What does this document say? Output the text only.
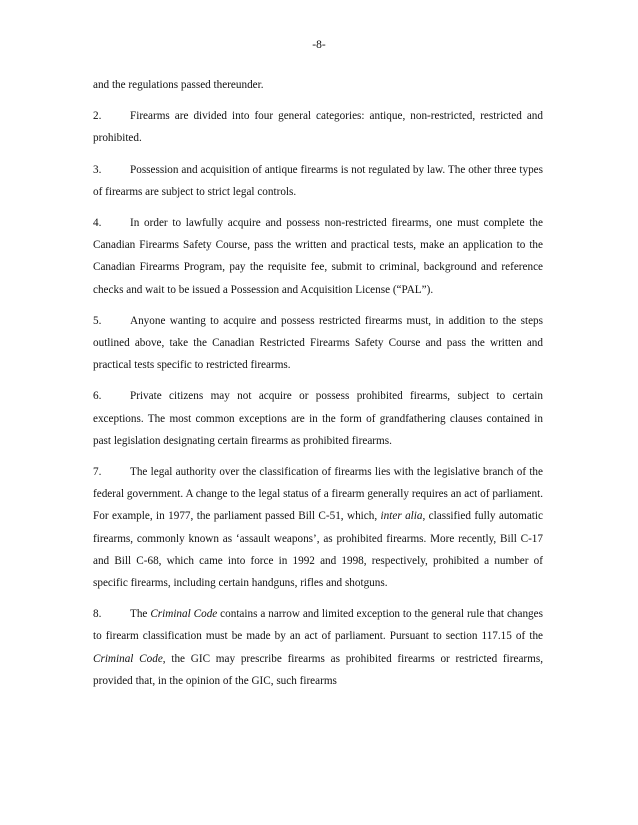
-8-

and the regulations passed thereunder.

2.	Firearms are divided into four general categories: antique, non-restricted, restricted and prohibited.

3.	Possession and acquisition of antique firearms is not regulated by law. The other three types of firearms are subject to strict legal controls.

4.	In order to lawfully acquire and possess non-restricted firearms, one must complete the Canadian Firearms Safety Course, pass the written and practical tests, make an application to the Canadian Firearms Program, pay the requisite fee, submit to criminal, background and reference checks and wait to be issued a Possession and Acquisition License (“PAL”).

5.	Anyone wanting to acquire and possess restricted firearms must, in addition to the steps outlined above, take the Canadian Restricted Firearms Safety Course and pass the written and practical tests specific to restricted firearms.

6.	Private citizens may not acquire or possess prohibited firearms, subject to certain exceptions. The most common exceptions are in the form of grandfathering clauses contained in past legislation designating certain firearms as prohibited firearms.

7.	The legal authority over the classification of firearms lies with the legislative branch of the federal government. A change to the legal status of a firearm generally requires an act of parliament. For example, in 1977, the parliament passed Bill C-51, which, inter alia, classified fully automatic firearms, commonly known as ‘assault weapons’, as prohibited firearms. More recently, Bill C-17 and Bill C-68, which came into force in 1992 and 1998, respectively, prohibited a number of specific firearms, including certain handguns, rifles and shotguns.

8.	The Criminal Code contains a narrow and limited exception to the general rule that changes to firearm classification must be made by an act of parliament. Pursuant to section 117.15 of the Criminal Code, the GIC may prescribe firearms as prohibited firearms or restricted firearms, provided that, in the opinion of the GIC, such firearms
